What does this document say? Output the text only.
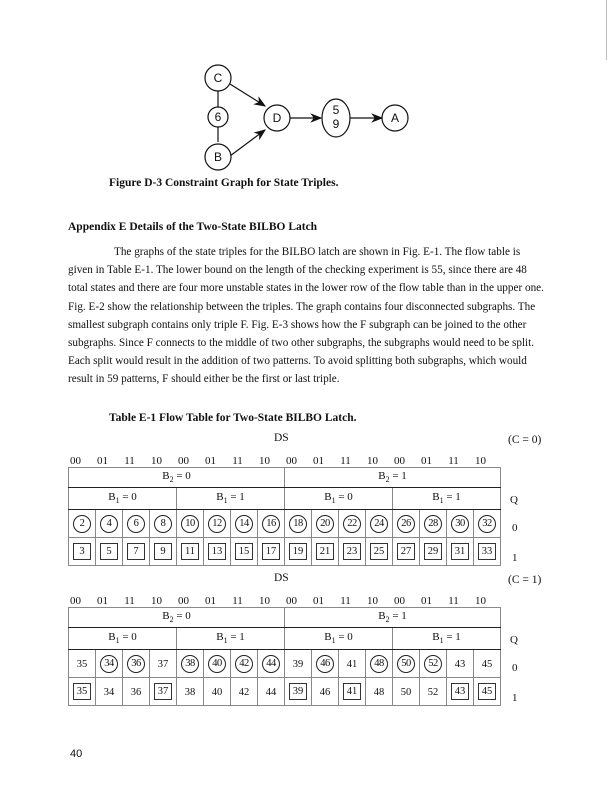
C
6
B
D
5
9	A
Figure D-3 Constraint Graph for State Triples.
Appendix E Details of the Two-State BILBO Latch

The graphs of the state triples for the BILBO latch are shown in Fig. E-1. The flow table is given in Table E-1. The lower bound on the length of the checking experiment is 55, since there are 48 total states and there are four more unstable states in the lower row of the flow table than in the upper one. Fig. E-2 show the relationship between the triples. The graph contains four disconnected subgraphs. The smallest subgraph contains only triple F. Fig. E-3 shows how the F subgraph can be joined to the other subgraphs. Since F connects to the middle of two other subgraphs, the subgraphs would need to be split. Each split would result in the addition of two patterns. To avoid splitting both subgraphs, which would result in 59 patterns, F should either be the first or last triple.

Table E-1 Flow Table for Two-State BILBO Latch.
DS	(C = 0)
00	01	11	10	00	01	11	10	00	01	11	10	00	01	11	10
$B_2 = 0$								$B_2 = 1$							
$B_1 = 0$				$B_1 = 1$				$B_1 = 0$				$B_1 = 1$			
2	4	6	8	10	12	14	16	18	20	22	24	26	28	30	32
3	5	7	9	11	13	15	17	19	21	23	25	27	29	31	33
Q
0
1
DS	(C = 1)
00	01	11	10	00	01	11	10	00	01	11	10	00	01	11	10
$B_2 = 0$								$B_2 = 1$							
$B_1 = 0$				$B_1 = 1$				$B_1 = 0$				$B_1 = 1$			
35	34	36	37	38	40	42	44	39	46	41	48	50	52	43	45
35	34	36	37	38	40	42	44	39	46	41	48	50	52	43	45
Q
0
1
40
